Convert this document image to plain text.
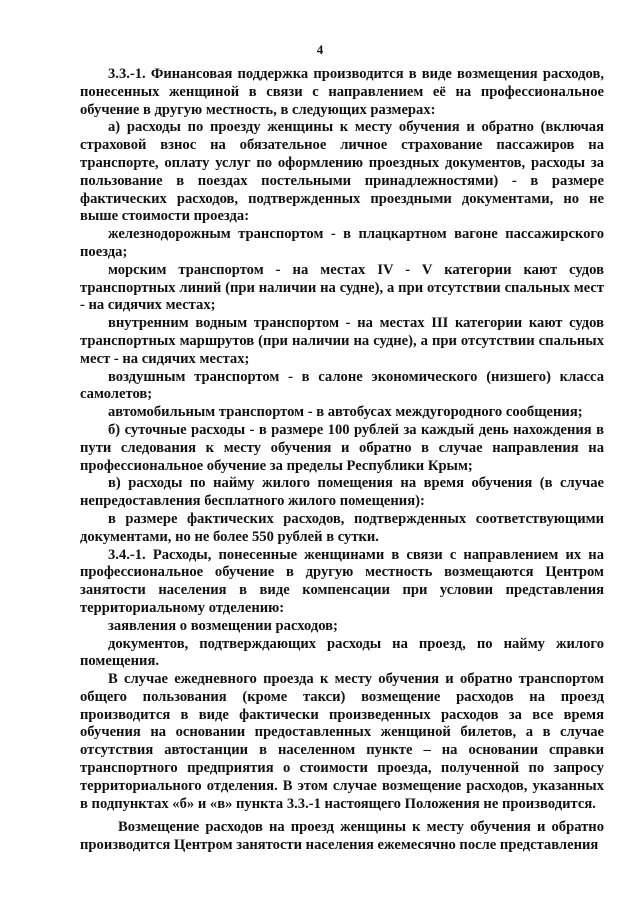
4

3.3.-1. Финансовая поддержка производится в виде возмещения расходов, понесенных женщиной в связи с направлением её на профессиональное обучение в другую местность, в следующих размерах:

а) расходы по проезду женщины к месту обучения и обратно (включая страховой взнос на обязательное личное страхование пассажиров на транспорте, оплату услуг по оформлению проездных документов, расходы за пользование в поездах постельными принадлежностями) - в размере фактических расходов, подтвержденных проездными документами, но не выше стоимости проезда:

железнодорожным транспортом - в плацкартном вагоне пассажирского поезда;

морским транспортом - на местах IV - V категории кают судов транспортных линий (при наличии на судне), а при отсутствии спальных мест - на сидячих местах;

внутренним водным транспортом - на местах III категории кают судов транспортных маршрутов (при наличии на судне), а при отсутствии спальных мест - на сидячих местах;

воздушным транспортом - в салоне экономического (низшего) класса самолетов;

автомобильным транспортом - в автобусах междугородного сообщения;

б) суточные расходы - в размере 100 рублей за каждый день нахождения в пути следования к месту обучения и обратно в случае направления на профессиональное обучение за пределы Республики Крым;

в) расходы по найму жилого помещения на время обучения (в случае непредоставления бесплатного жилого помещения):

в размере фактических расходов, подтвержденных соответствующими документами, но не более 550 рублей в сутки.

3.4.-1. Расходы, понесенные женщинами в связи с направлением их на профессиональное обучение в другую местность возмещаются Центром занятости населения в виде компенсации при условии представления территориальному отделению:

заявления о возмещении расходов;

документов, подтверждающих расходы на проезд, по найму жилого помещения.

В случае ежедневного проезда к месту обучения и обратно транспортом общего пользования (кроме такси) возмещение расходов на проезд производится в виде фактически произведенных расходов за все время обучения на основании предоставленных женщиной билетов, а в случае отсутствия автостанции в населенном пункте – на основании справки транспортного предприятия о стоимости проезда, полученной по запросу территориального отделения. В этом случае возмещение расходов, указанных в подпунктах «б» и «в» пункта 3.3.-1 настоящего Положения не производится.

Возмещение расходов на проезд женщины к месту обучения и обратно производится Центром занятости населения ежемесячно после представления
